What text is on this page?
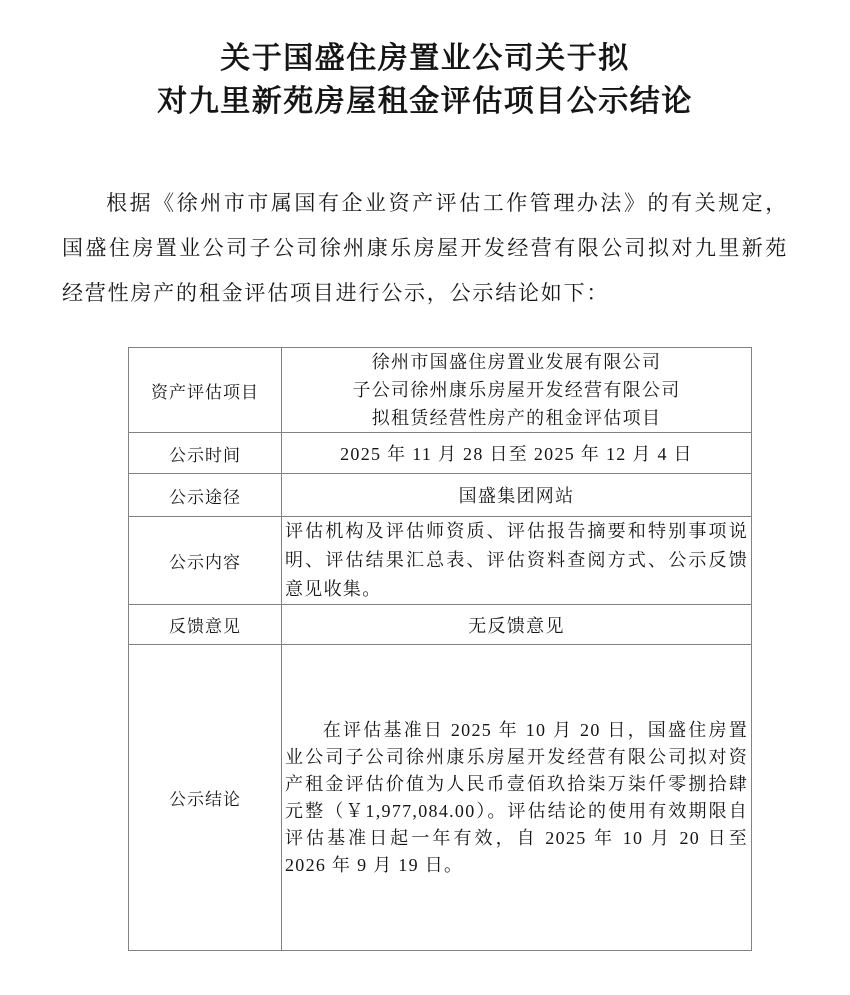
关于国盛住房置业公司关于拟
对九里新苑房屋租金评估项目公示结论

根据《徐州市市属国有企业资产评估工作管理办法》的有关规定，国盛住房置业公司子公司徐州康乐房屋开发经营有限公司拟对九里新苑经营性房产的租金评估项目进行公示，公示结论如下：

资产评估项目	徐州市国盛住房置业发展有限公司
子公司徐州康乐房屋开发经营有限公司
拟租赁经营性房产的租金评估项目

公示时间	2025 年 11 月 28 日至 2025 年 12 月 4 日
公示途径	国盛集团网站
公示内容	评估机构及评估师资质、评估报告摘要和特别事项说明、评估结果汇总表、评估资料查阅方式、公示反馈意见收集。

反馈意见	无反馈意见
公示结论	在评估基准日 2025 年 10 月 20 日，国盛住房置业公司子公司徐州康乐房屋开发经营有限公司拟对资产租金评估价值为人民币壹佰玖拾柒万柒仟零捌拾肆元整（￥1,977,084.00）。评估结论的使用有效期限自评估基准日起一年有效，自 2025 年 10 月 20 日至 2026 年 9 月 19 日。
